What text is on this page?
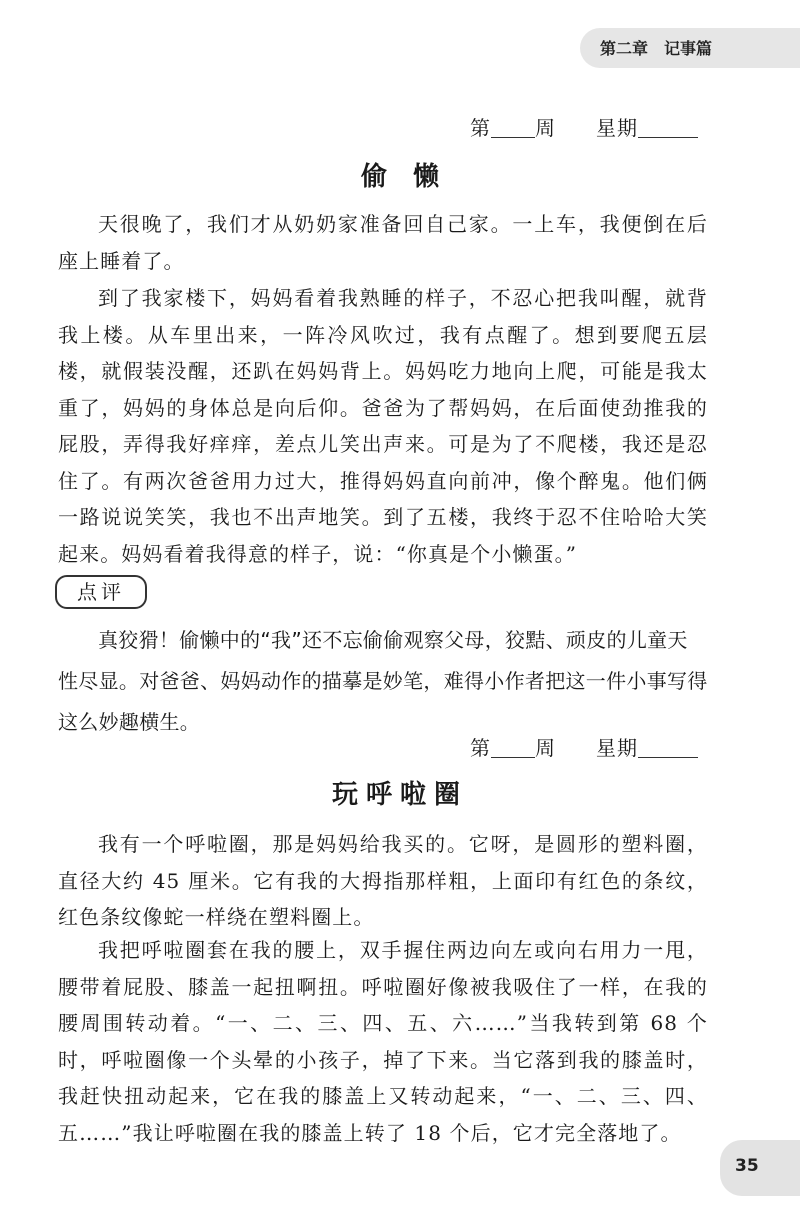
第二章　记事篇
第 周 星期
偷　懒

天很晚了，我们才从奶奶家准备回自己家。一上车，我便倒在后座上睡着了。

到了我家楼下，妈妈看着我熟睡的样子，不忍心把我叫醒，就背我上楼。从车里出来，一阵冷风吹过，我有点醒了。想到要爬五层楼，就假装没醒，还趴在妈妈背上。妈妈吃力地向上爬，可能是我太重了，妈妈的身体总是向后仰。爸爸为了帮妈妈，在后面使劲推我的屁股，弄得我好痒痒，差点儿笑出声来。可是为了不爬楼，我还是忍住了。有两次爸爸用力过大，推得妈妈直向前冲，像个醉鬼。他们俩一路说说笑笑，我也不出声地笑。到了五楼，我终于忍不住哈哈大笑起来。妈妈看着我得意的样子，说：“你真是个小懒蛋。”

点评

真狡猾！偷懒中的“我”还不忘偷偷观察父母，狡黠、顽皮的儿童天性尽显。对爸爸、妈妈动作的描摹是妙笔，难得小作者把这一件小事写得这么妙趣横生。

第 周 星期
玩呼啦圈

我有一个呼啦圈，那是妈妈给我买的。它呀，是圆形的塑料圈，直径大约 45 厘米。它有我的大拇指那样粗，上面印有红色的条纹，红色条纹像蛇一样绕在塑料圈上。

我把呼啦圈套在我的腰上，双手握住两边向左或向右用力一甩，腰带着屁股、膝盖一起扭啊扭。呼啦圈好像被我吸住了一样，在我的腰周围转动着。“一、二、三、四、五、六……”当我转到第 68 个时，呼啦圈像一个头晕的小孩子，掉了下来。当它落到我的膝盖时，我赶快扭动起来，它在我的膝盖上又转动起来，“一、二、三、四、五……”我让呼啦圈在我的膝盖上转了 18 个后，它才完全落地了。

35
